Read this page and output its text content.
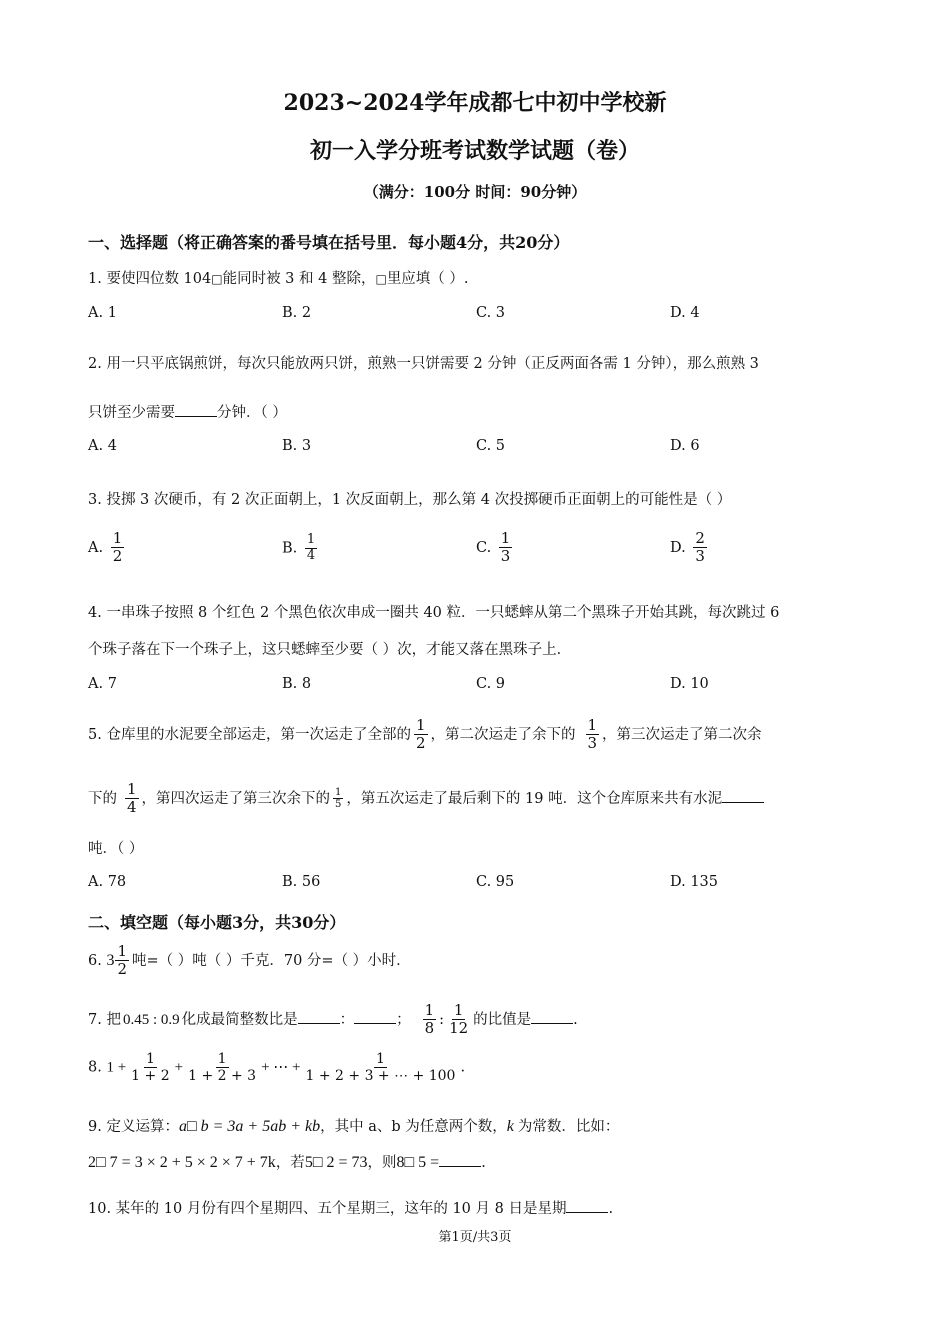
2023~2024学年成都七中初中学校新
初一入学分班考试数学试题（卷）
（满分：100分 时间：90分钟）
一、选择题（将正确答案的番号填在括号里．每小题4分，共20分）
1. 要使四位数 104□能同时被 3 和 4 整除，□里应填（ ）.
A. 1	B. 2	C. 3	D. 4
2. 用一只平底锅煎饼，每次只能放两只饼，煎熟一只饼需要 2 分钟（正反两面各需 1 分钟），那么煎熟 3
只饼至少需要	分钟．（ ）
A. 4	B. 3	C. 5	D. 6
3. 投掷 3 次硬币，有 2 次正面朝上，1 次反面朝上，那么第 4 次投掷硬币正面朝上的可能性是（ ）
A. $\frac{1}{2}$	B. $\frac{1}{4}$	C. $\frac{1}{3}$	D. $\frac{2}{3}$
4. 一串珠子按照 8 个红色 2 个黑色依次串成一圈共 40 粒．一只蟋蟀从第二个黑珠子开始其跳，每次跳过 6
个珠子落在下一个珠子上，这只蟋蟀至少要（ ）次，才能又落在黑珠子上．
A. 7	B. 8	C. 9	D. 10
5. 仓库里的水泥要全部运走，第一次运走了全部的 $\frac{1}{2}$ ，第二次运走了余下的 $\frac{1}{3}$ ，第三次运走了第二次余
下的 $\frac{1}{4}$ ，第四次运走了第三次余下的 $\frac{1}{5}$ ，第五次运走了最后剩下的 19 吨．这个仓库原来共有水泥
吨．（ ）
A. 78	B. 56	C. 95	D. 135
二、填空题（每小题3分，共30分）
6. $3 \frac{1}{2}$ 吨=（ ）吨（ ）千克．70 分=（ ）小时．
7. 把 0.45 : 0.9 化成最简整数比是	：	； $\frac{1}{8}$ : $\frac{1}{12}$ 的比值是	.
8. $1 + \frac{1}{1 + 2} + \frac{1}{1 + 2 + 3}$ + ⋯ + $\frac{1}{1 + 2 + 3 + \cdots + 100}$ .
9. 定义运算：a□ b = 3a + 5ab + kb，其中 a、b 为任意两个数，k 为常数．比如：
2□ 7 = 3 × 2 + 5 × 2 × 7 + 7k，若5□ 2 = 73，则8□ 5 =	.
10. 某年的 10 月份有四个星期四、五个星期三，这年的 10 月 8 日是星期	.
第1页/共3页
